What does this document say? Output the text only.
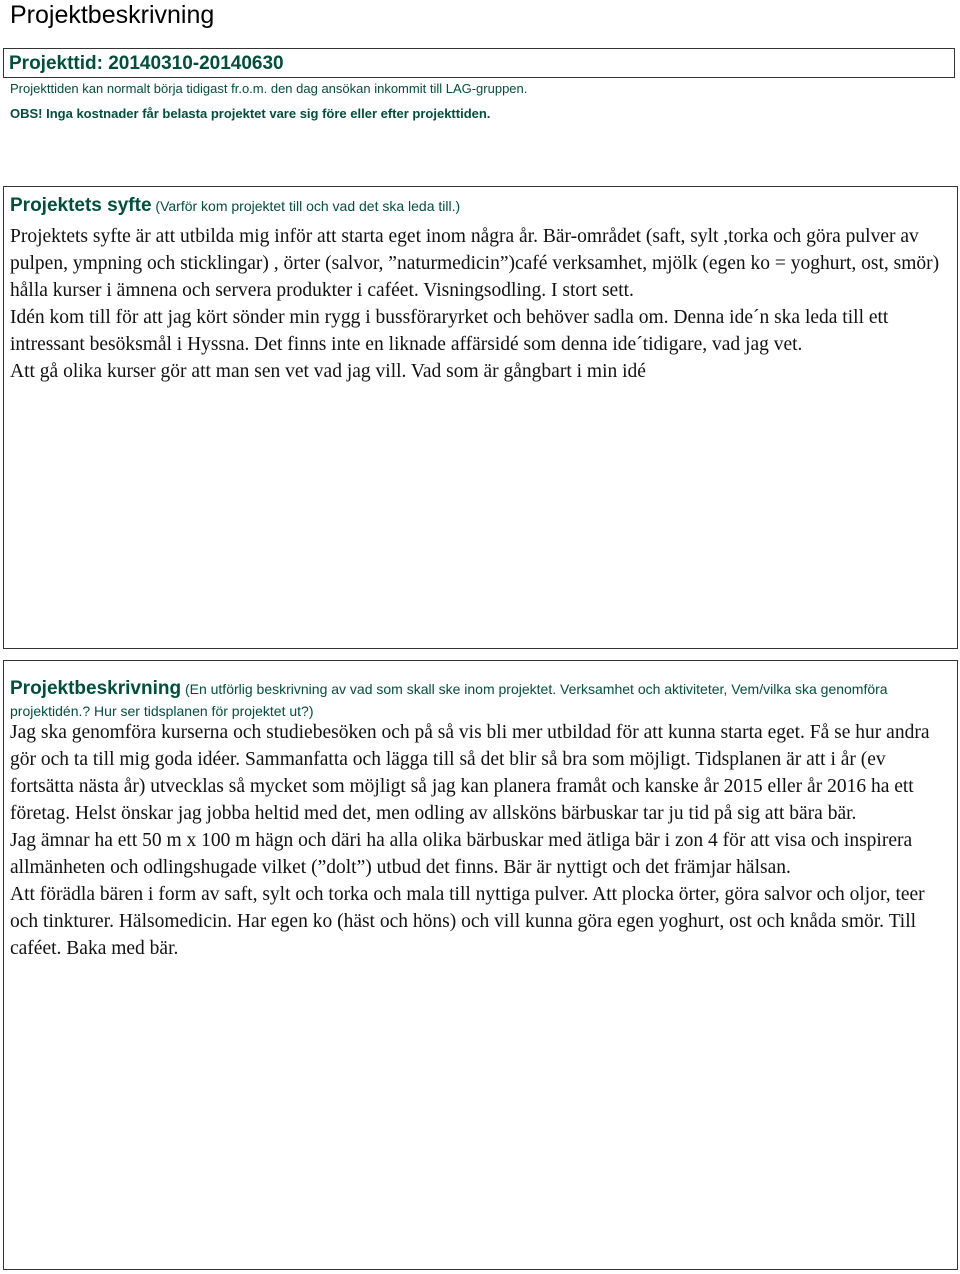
Projektbeskrivning
Projekttid: 20140310-20140630
Projekttiden kan normalt börja tidigast fr.o.m. den dag ansökan inkommit till LAG-gruppen.
OBS! Inga kostnader får belasta projektet vare sig före eller efter projekttiden.

Projektets syfte (Varför kom projektet till och vad det ska leda till.)

Projektets syfte är att utbilda mig inför att starta eget inom några år. Bär-området (saft, sylt ,torka och göra pulver av pulpen, ympning och sticklingar) , örter (salvor, ”naturmedicin”)café verksamhet, mjölk (egen ko = yoghurt, ost, smör) hålla kurser i ämnena och servera produkter i caféet. Visningsodling. I stort sett.

Idén kom till för att jag kört sönder min rygg i bussföraryrket och behöver sadla om. Denna ide´n ska leda till ett intressant besöksmål i Hyssna. Det finns inte en liknade affärsidé som denna ide´tidigare, vad jag vet.

Att gå olika kurser gör att man sen vet vad jag vill. Vad som är gångbart i min idé

Projektbeskrivning (En utförlig beskrivning av vad som skall ske inom projektet. Verksamhet och aktiviteter, Vem/vilka ska genomföra projektidén.? Hur ser tidsplanen för projektet ut?)

Jag ska genomföra kurserna och studiebesöken och på så vis bli mer utbildad för att kunna starta eget. Få se hur andra gör och ta till mig goda idéer. Sammanfatta och lägga till så det blir så bra som möjligt. Tidsplanen är att i år (ev fortsätta nästa år) utvecklas så mycket som möjligt så jag kan planera framåt och kanske år 2015 eller år 2016 ha ett företag. Helst önskar jag jobba heltid med det, men odling av allsköns bärbuskar tar ju tid på sig att bära bär.

Jag ämnar ha ett 50 m x 100 m hägn och däri ha alla olika bärbuskar med ätliga bär i zon 4 för att visa och inspirera allmänheten och odlingshugade vilket (”dolt”) utbud det finns. Bär är nyttigt och det främjar hälsan.

Att förädla bären i form av saft, sylt och torka och mala till nyttiga pulver. Att plocka örter, göra salvor och oljor, teer och tinkturer. Hälsomedicin. Har egen ko (häst och höns) och vill kunna göra egen yoghurt, ost och knåda smör. Till caféet. Baka med bär.
